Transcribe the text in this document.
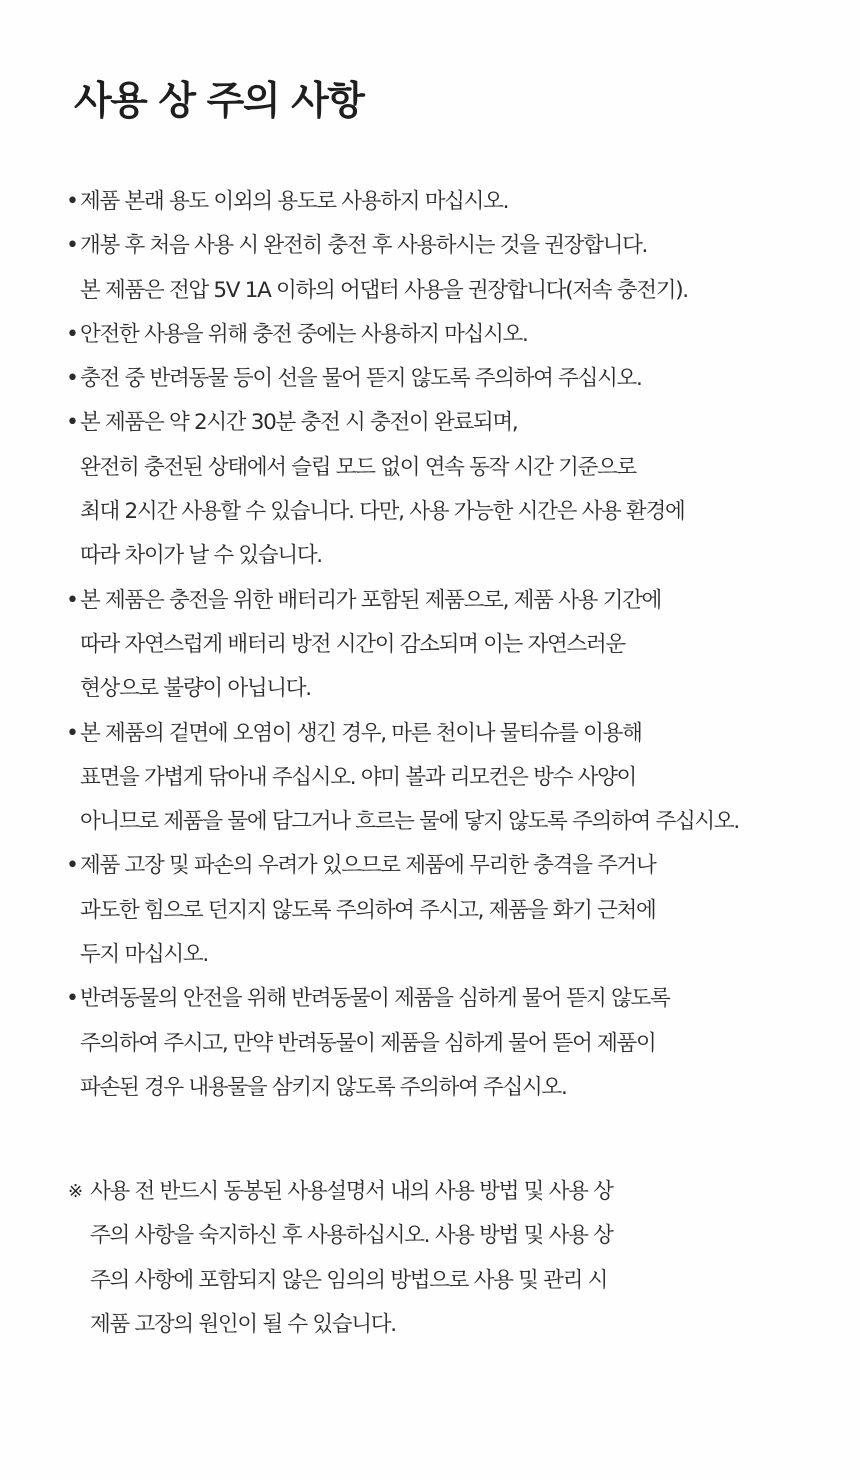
사용 상 주의 사항
• 제품 본래 용도 이외의 용도로 사용하지 마십시오.
• 개봉 후 처음 사용 시 완전히 충전 후 사용하시는 것을 권장합니다.
본 제품은 전압 5V 1A 이하의 어댑터 사용을 권장합니다(저속 충전기).
• 안전한 사용을 위해 충전 중에는 사용하지 마십시오.
• 충전 중 반려동물 등이 선을 물어 뜯지 않도록 주의하여 주십시오.
• 본 제품은 약 2시간 30분 충전 시 충전이 완료되며,
완전히 충전된 상태에서 슬립 모드 없이 연속 동작 시간 기준으로
최대 2시간 사용할 수 있습니다. 다만, 사용 가능한 시간은 사용 환경에
따라 차이가 날 수 있습니다.
• 본 제품은 충전을 위한 배터리가 포함된 제품으로, 제품 사용 기간에
따라 자연스럽게 배터리 방전 시간이 감소되며 이는 자연스러운
현상으로 불량이 아닙니다.
• 본 제품의 겉면에 오염이 생긴 경우, 마른 천이나 물티슈를 이용해
표면을 가볍게 닦아내 주십시오. 야미 볼과 리모컨은 방수 사양이
아니므로 제품을 물에 담그거나 흐르는 물에 닿지 않도록 주의하여 주십시오.
• 제품 고장 및 파손의 우려가 있으므로 제품에 무리한 충격을 주거나
과도한 힘으로 던지지 않도록 주의하여 주시고, 제품을 화기 근처에
두지 마십시오.
• 반려동물의 안전을 위해 반려동물이 제품을 심하게 물어 뜯지 않도록
주의하여 주시고, 만약 반려동물이 제품을 심하게 물어 뜯어 제품이
파손된 경우 내용물을 삼키지 않도록 주의하여 주십시오.
※ 사용 전 반드시 동봉된 사용설명서 내의 사용 방법 및 사용 상
주의 사항을 숙지하신 후 사용하십시오. 사용 방법 및 사용 상
주의 사항에 포함되지 않은 임의의 방법으로 사용 및 관리 시
제품 고장의 원인이 될 수 있습니다.
